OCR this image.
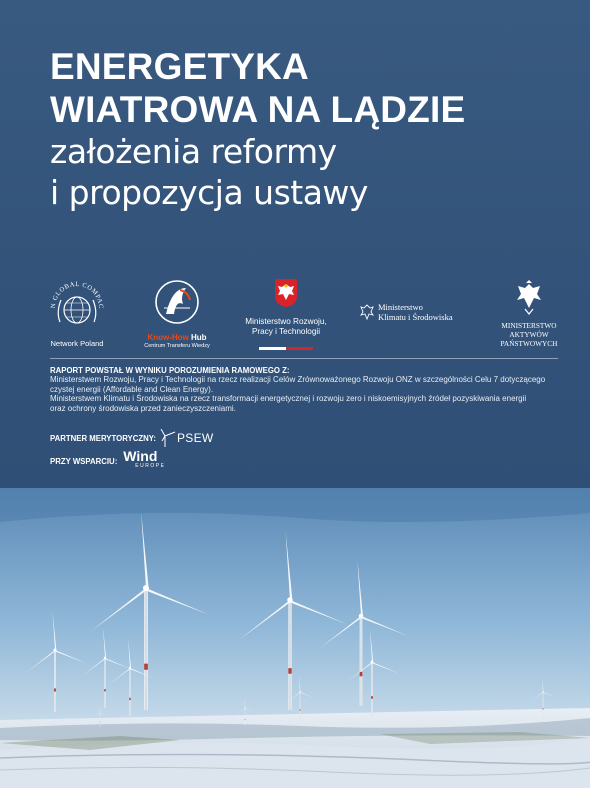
ENERGETYKA
WIATROWA NA LĄDZIE
założenia reformy
i propozycja ustawy
N GLOBAL COMPAC
Network Poland
Know-How Hub
Centrum Transferu Wiedzy
Ministerstwo Rozwoju,
Pracy i Technologii
Ministerstwo
Klimatu i Środowiska
MINISTERSTWO
AKTYWÓW
PAŃSTWOWYCH
RAPORT POWSTAŁ W WYNIKU POROZUMIENIA RAMOWEGO Z:
Ministerstwem Rozwoju, Pracy i Technologii na rzecz realizacji Celów Zrównoważonego Rozwoju ONZ w szczególności Celu 7 dotyczącego
czystej energii (Affordable and Clean Energy).
Ministerstwem Klimatu i Środowiska na rzecz transformacji energetycznej i rozwoju zero i niskoemisyjnych źródeł pozyskiwania energii
oraz ochrony środowiska przed zanieczyszczeniami.
PARTNER MERYTORYCZNY: PSEW
PRZY WSPARCIU: Wind
EUROPE
